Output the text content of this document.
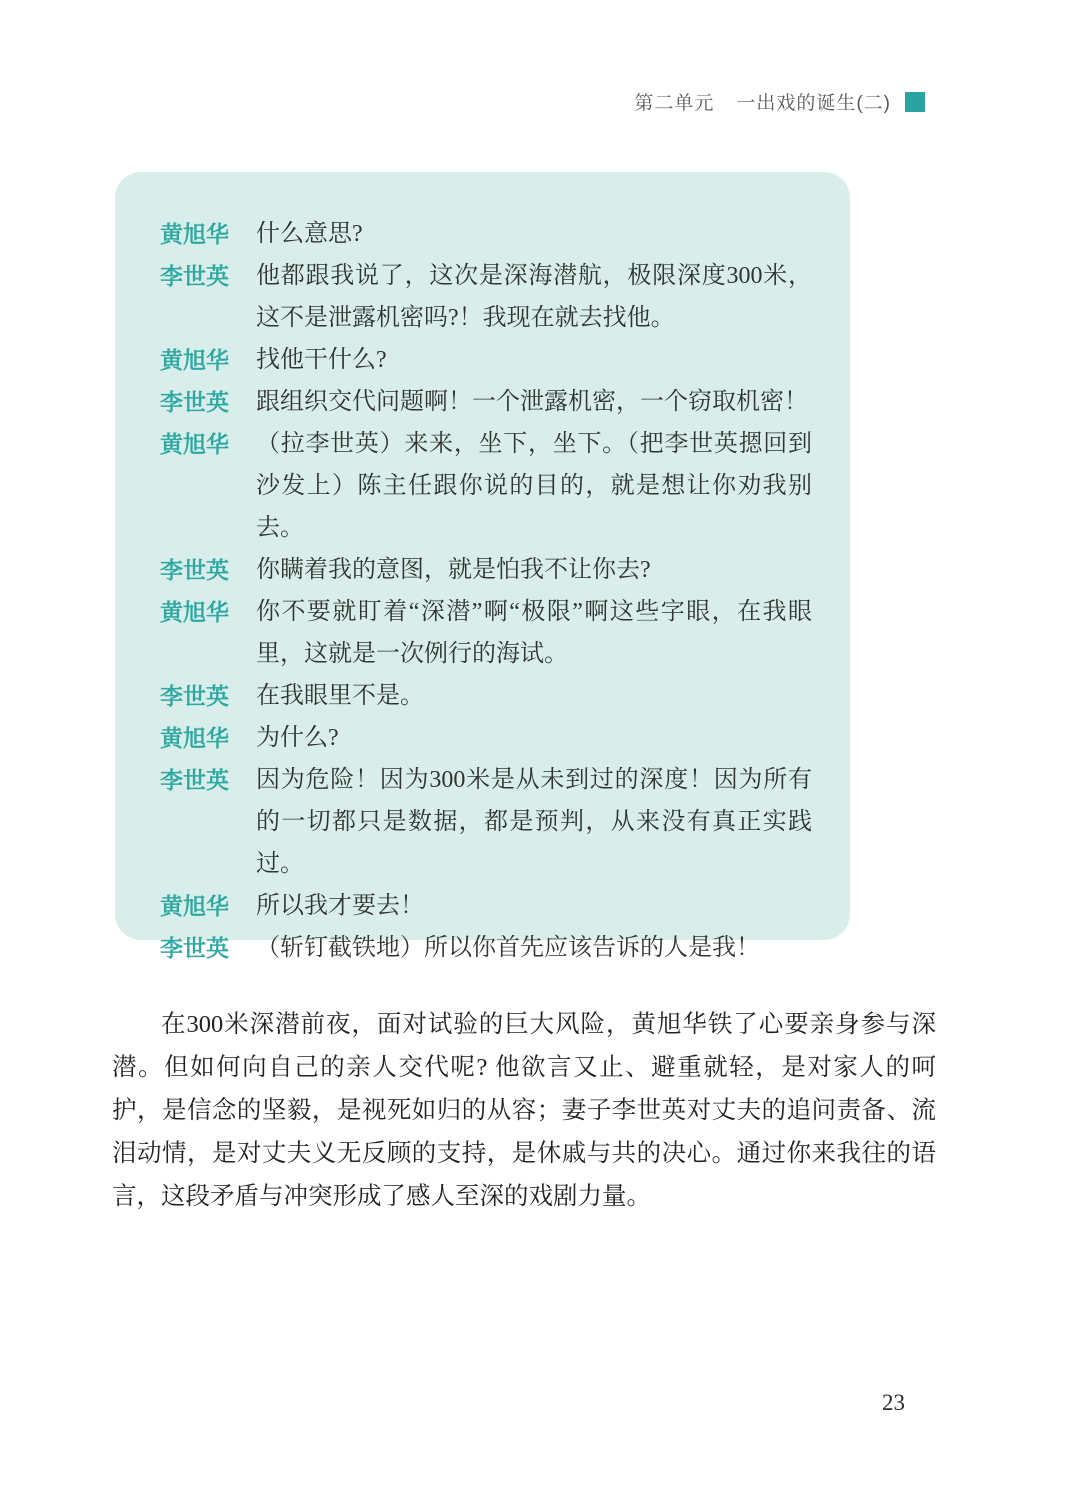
第二单元 一出戏的诞生(二)
黄旭华 什么意思?
李世英 他都跟我说了，这次是深海潜航，极限深度300米，这不是泄露机密吗?！我现在就去找他。
黄旭华 找他干什么?
李世英 跟组织交代问题啊！一个泄露机密，一个窃取机密！
黄旭华 （拉李世英）来来，坐下，坐下。（把李世英摁回到沙发上）陈主任跟你说的目的，就是想让你劝我别去。
李世英 你瞒着我的意图，就是怕我不让你去?
黄旭华 你不要就盯着“深潜”啊“极限”啊这些字眼，在我眼里，这就是一次例行的海试。
李世英 在我眼里不是。
黄旭华 为什么?
李世英 因为危险！因为300米是从未到过的深度！因为所有的一切都只是数据，都是预判，从来没有真正实践过。
黄旭华 所以我才要去！
李世英 （斩钉截铁地）所以你首先应该告诉的人是我！

在300米深潜前夜，面对试验的巨大风险，黄旭华铁了心要亲身参与深潜。但如何向自己的亲人交代呢? 他欲言又止、避重就轻，是对家人的呵护，是信念的坚毅，是视死如归的从容；妻子李世英对丈夫的追问责备、流泪动情，是对丈夫义无反顾的支持，是休戚与共的决心。通过你来我往的语言，这段矛盾与冲突形成了感人至深的戏剧力量。

23
